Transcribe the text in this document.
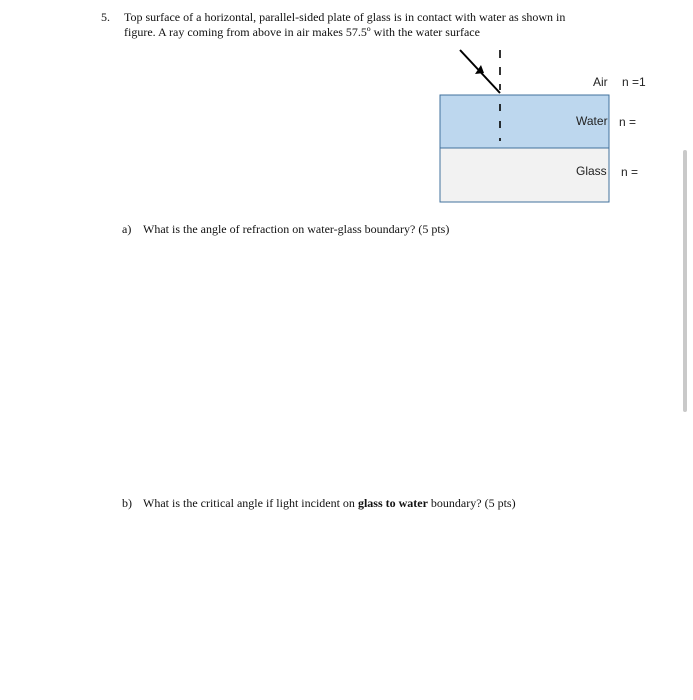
5. Top surface of a horizontal, parallel-sided plate of glass is in contact with water as shown in
figure. A ray coming from above in air makes 57.5º with the water surface
Air n =1
Water n =
Glass n =
a) What is the angle of refraction on water-glass boundary? (5 pts)
b) What is the critical angle if light incident on glass to water boundary? (5 pts)
